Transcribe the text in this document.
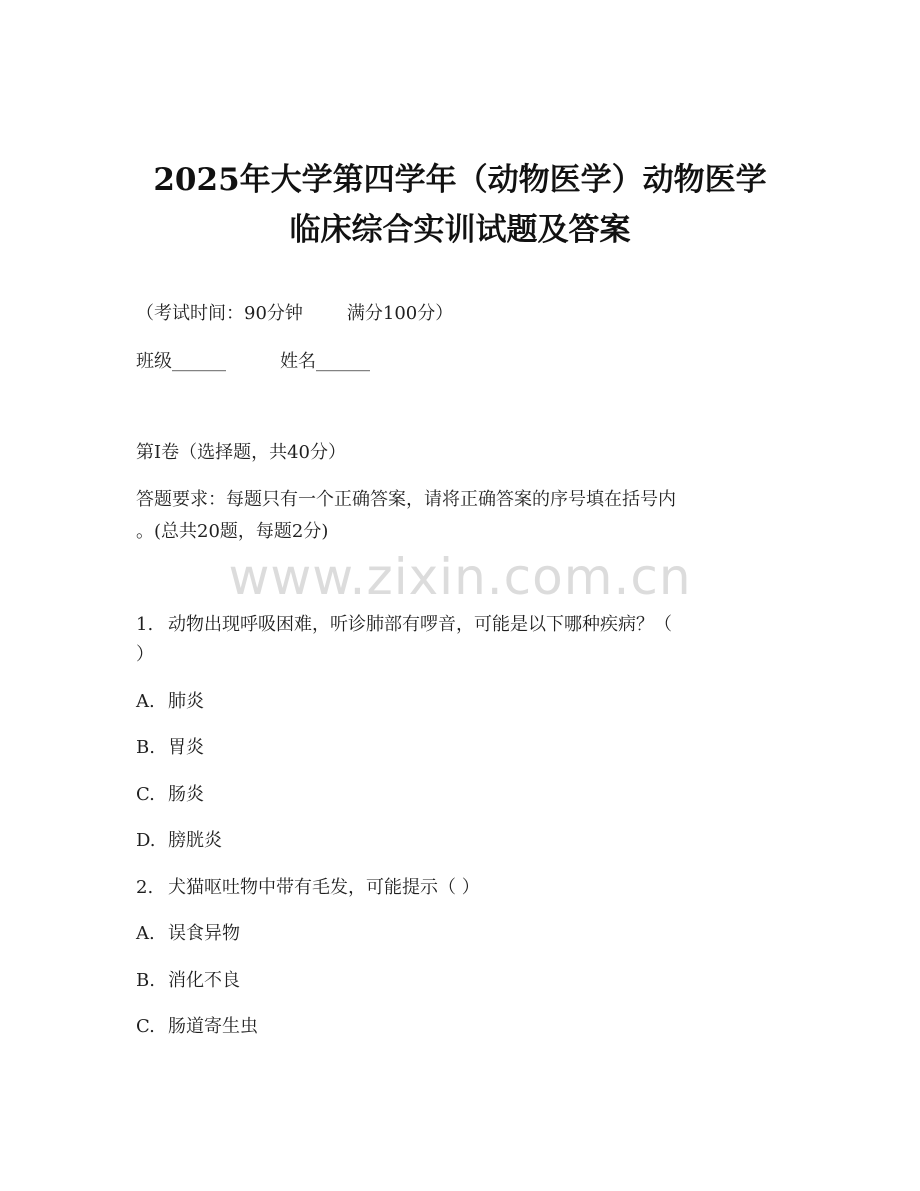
2025年大学第四学年（动物医学）动物医学
临床综合实训试题及答案
（考试时间：90分钟 满分100分）
班级______	姓名______
第Ⅰ卷（选择题，共40分）
答题要求：每题只有一个正确答案，请将正确答案的序号填在括号内
。(总共20题，每题2分)
www.zixin.com.cn
1. 动物出现呼吸困难，听诊肺部有啰音，可能是以下哪种疾病？（
）
A. 肺炎
B. 胃炎
C. 肠炎
D. 膀胱炎
2. 犬猫呕吐物中带有毛发，可能提示（ ）
A. 误食异物
B. 消化不良
C. 肠道寄生虫
